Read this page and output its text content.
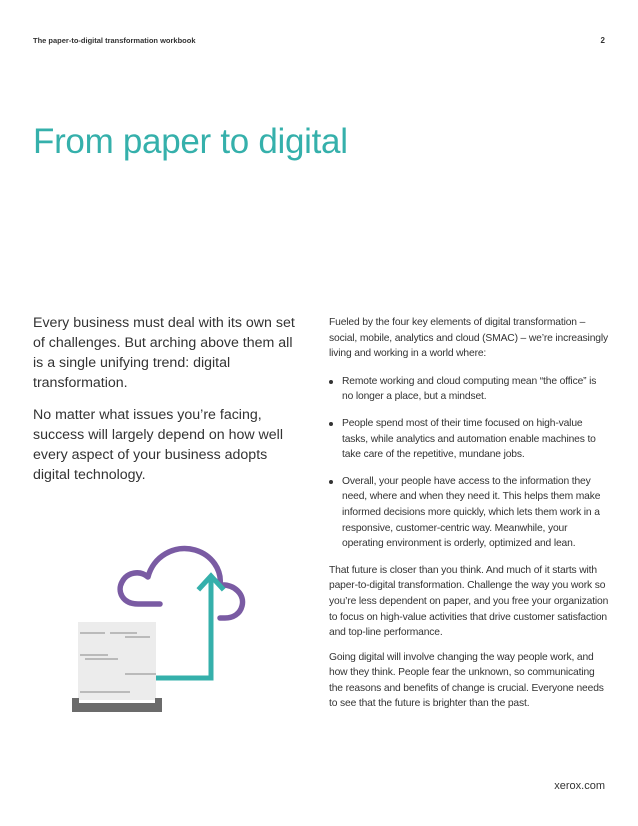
The paper-to-digital transformation workbook	2
From paper to digital

Every business must deal with its own set of challenges. But arching above them all is a single unifying trend: digital transformation.

No matter what issues you’re facing, success will largely depend on how well every aspect of your business adopts digital technology.

Fueled by the four key elements of digital transformation – social, mobile, analytics and cloud (SMAC) – we’re increasingly living and working in a world where:

Remote working and cloud computing mean “the office” is no longer a place, but a mindset.
People spend most of their time focused on high-value tasks, while analytics and automation enable machines to take care of the repetitive, mundane jobs.
Overall, your people have access to the information they need, where and when they need it. This helps them make informed decisions more quickly, which lets them work in a responsive, customer-centric way. Meanwhile, your operating environment is orderly, optimized and lean.

That future is closer than you think. And much of it starts with paper-to-digital transformation. Challenge the way you work so you’re less dependent on paper, and you free your organization to focus on high-value activities that drive customer satisfaction and top-line performance.

Going digital will involve changing the way people work, and how they think. People fear the unknown, so communicating the reasons and benefits of change is crucial. Everyone needs to see that the future is brighter than the past.

xerox.com
